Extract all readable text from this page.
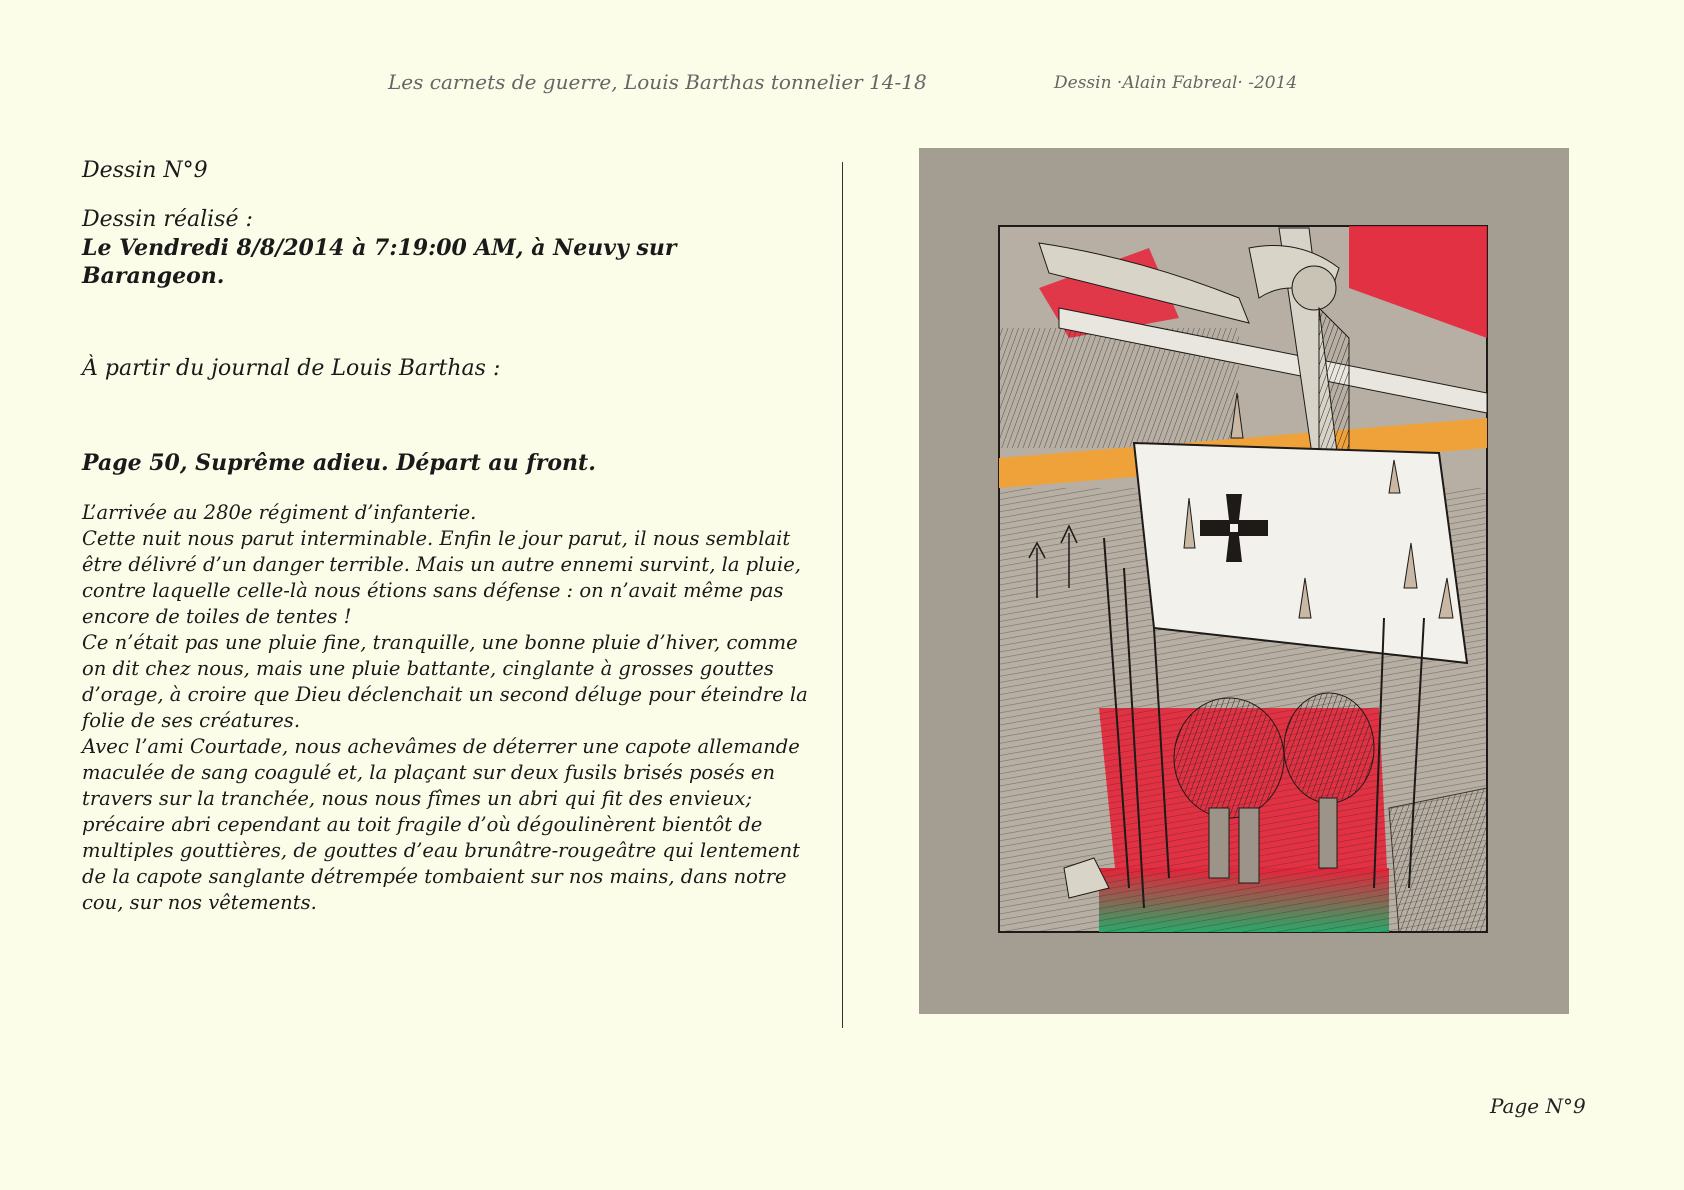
Les carnets de guerre, Louis Barthas tonnelier 14-18	Dessin ·Alain Fabreal· -2014
Dessin N°9
Dessin réalisé :
Le Vendredi 8/8/2014 à 7:19:00 AM, à Neuvy sur Barangeon.
À partir du journal de Louis Barthas :
Page 50, Suprême adieu. Départ au front.

L’arrivée au 280e régiment d’infanterie.

Cette nuit nous parut interminable. Enfin le jour parut, il nous semblait être délivré d’un danger terrible. Mais un autre ennemi survint, la pluie, contre laquelle celle-là nous étions sans défense : on n’avait même pas encore de toiles de tentes !

Ce n’était pas une pluie fine, tranquille, une bonne pluie d’hiver, comme on dit chez nous, mais une pluie battante, cinglante à grosses gouttes d’orage, à croire que Dieu déclenchait un second déluge pour éteindre la folie de ses créatures.

Avec l’ami Courtade, nous achevâmes de déterrer une capote allemande maculée de sang coagulé et, la plaçant sur deux fusils brisés posés en travers sur la tranchée, nous nous fîmes un abri qui fit des envieux; précaire abri cependant au toit fragile d’où dégoulinèrent bientôt de multiples gouttières, de gouttes d’eau brunâtre-rougeâtre qui lentement de la capote sanglante détrempée tombaient sur nos mains, dans notre cou, sur nos vêtements.

Page N°9
